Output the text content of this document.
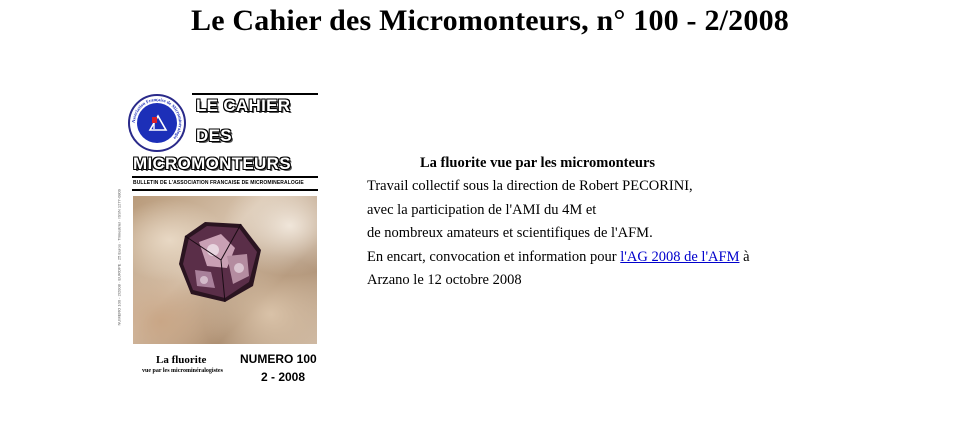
Le Cahier des Micromonteurs, n° 100 - 2/2008
Association Française de Microminéralogie
LE CAHIER
DES
MICROMONTEURS
BULLETIN DE L'ASSOCIATION FRANCAISE DE MICROMINERALOGIE
NUMERO 100 - 2/2008 · EUROPE · 25 Euros · Trimestriel · ISSN 1277-0809
La fluorite
vue par les microminéralogistes
NUMERO 100
2 - 2008
La fluorite vue par les micromonteurs
Travail collectif sous la direction de Robert PECORINI,
avec la participation de l'AMI du 4M et
de nombreux amateurs et scientifiques de l'AFM.
En encart, convocation et information pour l'AG 2008 de l'AFM à
Arzano le 12 octobre 2008
